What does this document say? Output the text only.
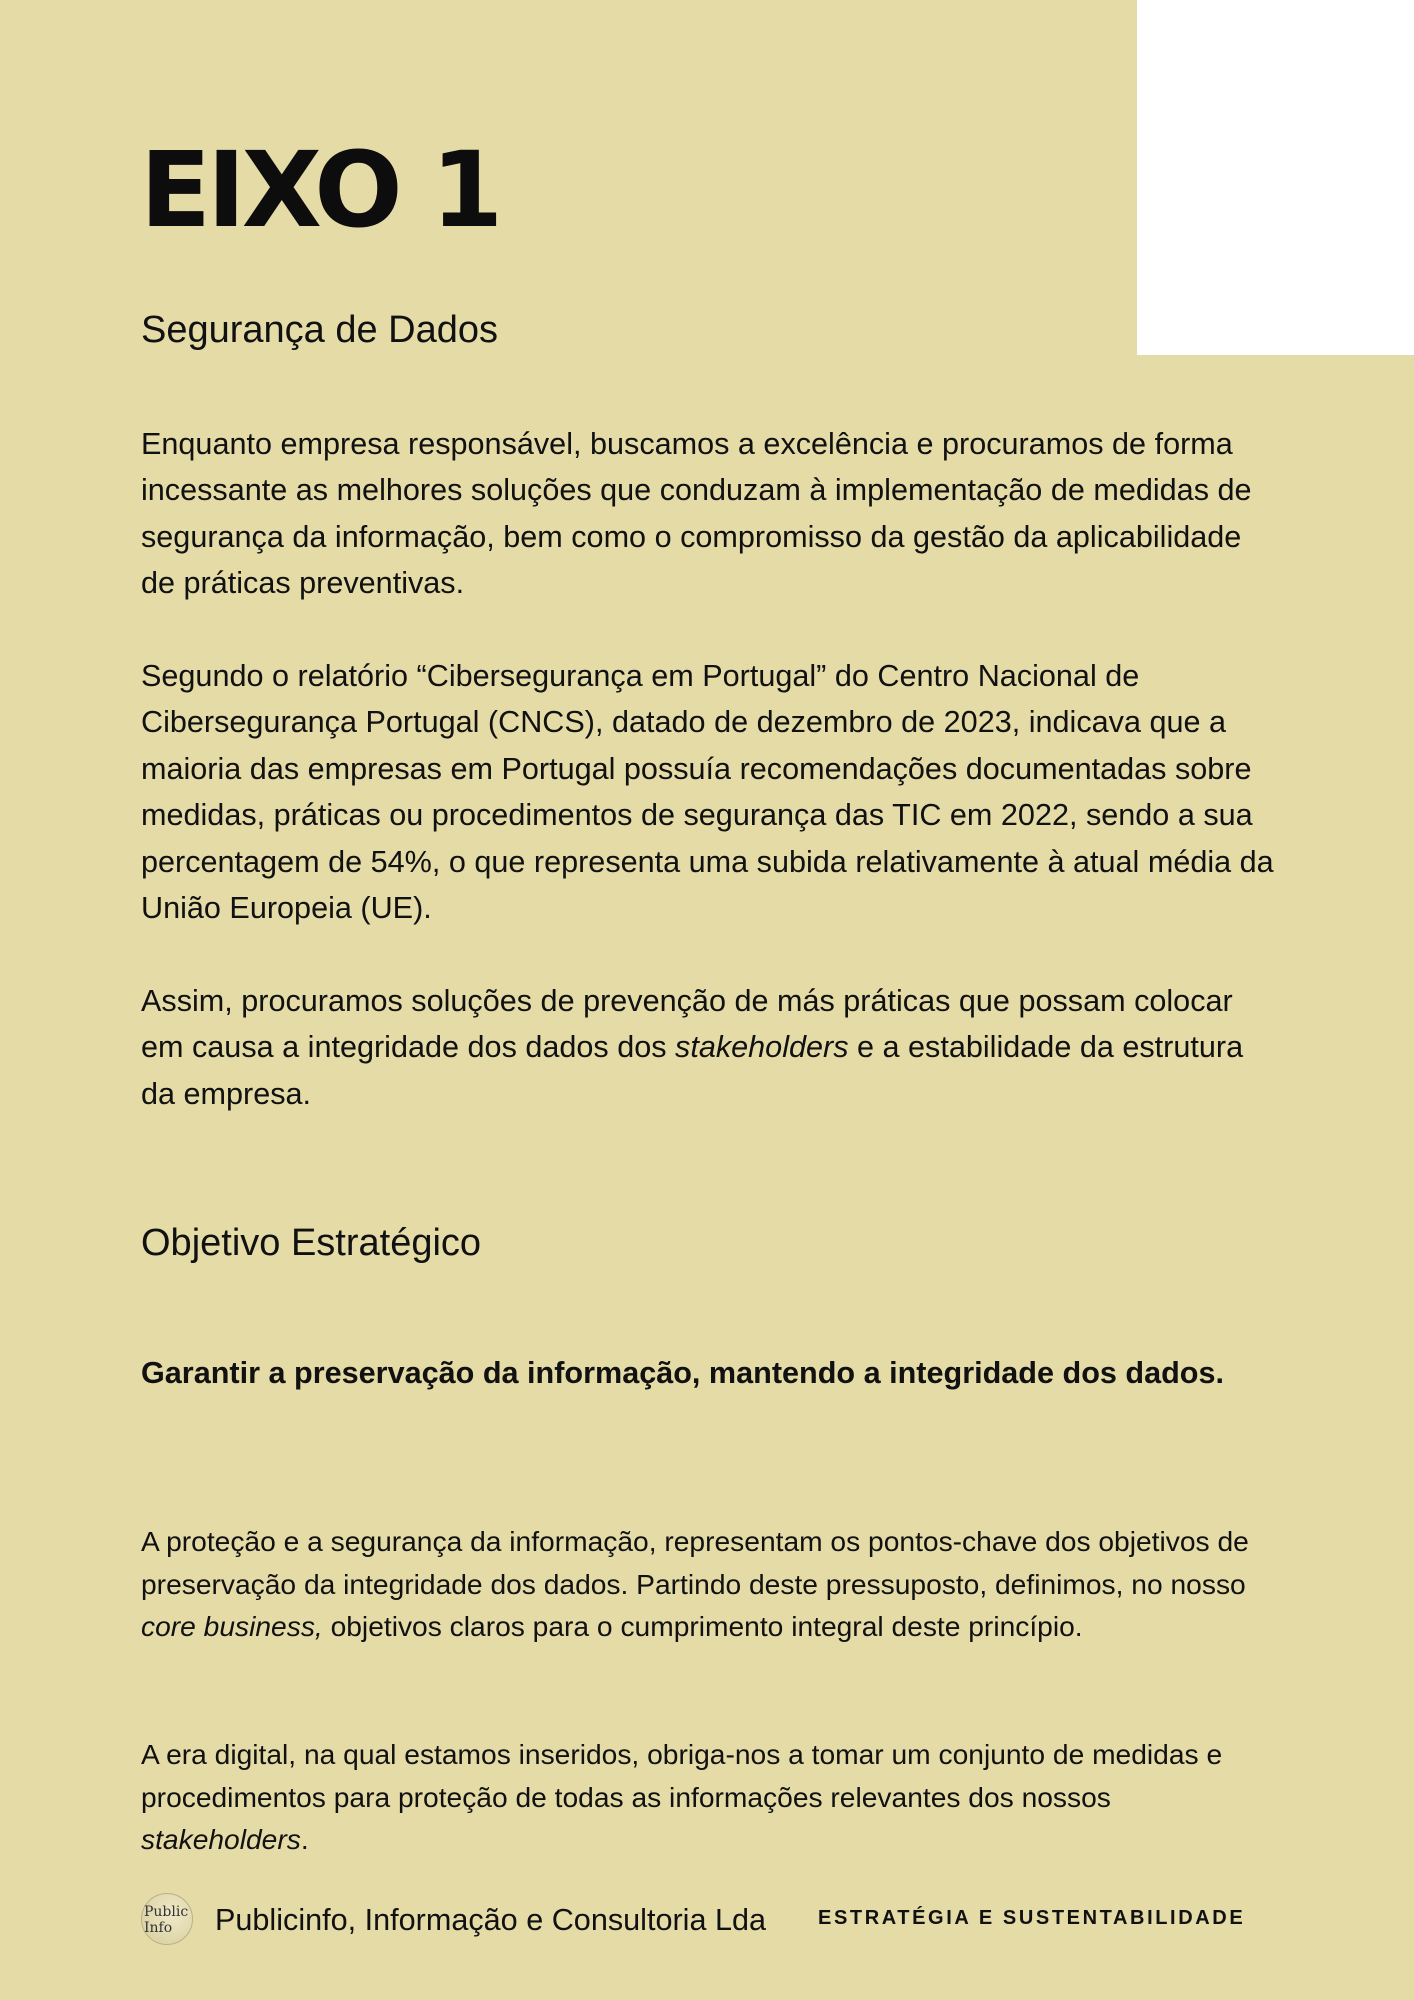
EIXO 1
Segurança de Dados

Enquanto empresa responsável, buscamos a excelência e procuramos de forma incessante as melhores soluções que conduzam à implementação de medidas de segurança da informação, bem como o compromisso da gestão da aplicabilidade de práticas preventivas.

Segundo o relatório “Cibersegurança em Portugal” do Centro Nacional de Cibersegurança Portugal (CNCS), datado de dezembro de 2023, indicava que a maioria das empresas em Portugal possuía recomendações documentadas sobre medidas, práticas ou procedimentos de segurança das TIC em 2022, sendo a sua percentagem de 54%, o que representa uma subida relativamente à atual média da União Europeia (UE).

Assim, procuramos soluções de prevenção de más práticas que possam colocar em causa a integridade dos dados dos stakeholders e a estabilidade da estrutura da empresa.

Objetivo Estratégico

Garantir a preservação da informação, mantendo a integridade dos dados.

A proteção e a segurança da informação, representam os pontos-chave dos objetivos de preservação da integridade dos dados. Partindo deste pressuposto, definimos, no nosso core business, objetivos claros para o cumprimento integral deste princípio.

A era digital, na qual estamos inseridos, obriga-nos a tomar um conjunto de medidas e procedimentos para proteção de todas as informações relevantes dos nossos stakeholders.

Public
Info	Publicinfo, Informação e Consultoria Lda	ESTRATÉGIA E SUSTENTABILIDADE
